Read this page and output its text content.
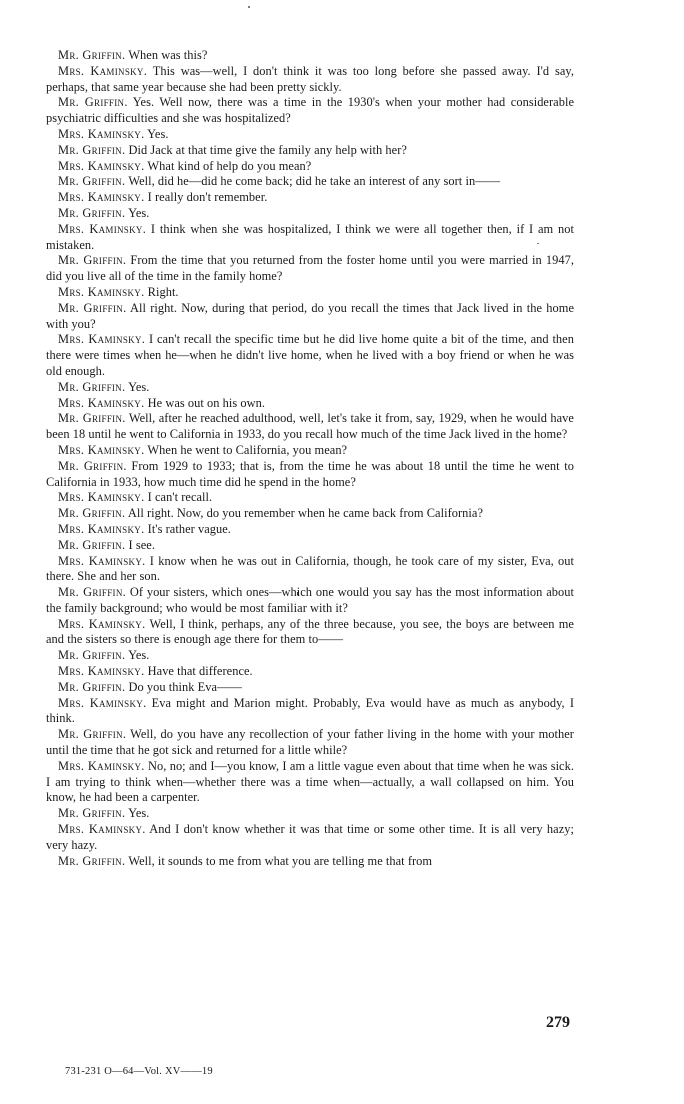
Mr. Griffin. When was this?

Mrs. Kaminsky. This was—well, I don't think it was too long before she passed away. I'd say, perhaps, that same year because she had been pretty sickly.

Mr. Griffin. Yes. Well now, there was a time in the 1930's when your mother had considerable psychiatric difficulties and she was hospitalized?

Mrs. Kaminsky. Yes.

Mr. Griffin. Did Jack at that time give the family any help with her?

Mrs. Kaminsky. What kind of help do you mean?

Mr. Griffin. Well, did he—did he come back; did he take an interest of any sort in——

Mrs. Kaminsky. I really don't remember.

Mr. Griffin. Yes.

Mrs. Kaminsky. I think when she was hospitalized, I think we were all together then, if I am not mistaken.

Mr. Griffin. From the time that you returned from the foster home until you were married in 1947, did you live all of the time in the family home?

Mrs. Kaminsky. Right.

Mr. Griffin. All right. Now, during that period, do you recall the times that Jack lived in the home with you?

Mrs. Kaminsky. I can't recall the specific time but he did live home quite a bit of the time, and then there were times when he—when he didn't live home, when he lived with a boy friend or when he was old enough.

Mr. Griffin. Yes.

Mrs. Kaminsky. He was out on his own.

Mr. Griffin. Well, after he reached adulthood, well, let's take it from, say, 1929, when he would have been 18 until he went to California in 1933, do you recall how much of the time Jack lived in the home?

Mrs. Kaminsky. When he went to California, you mean?

Mr. Griffin. From 1929 to 1933; that is, from the time he was about 18 until the time he went to California in 1933, how much time did he spend in the home?

Mrs. Kaminsky. I can't recall.

Mr. Griffin. All right. Now, do you remember when he came back from California?

Mrs. Kaminsky. It's rather vague.

Mr. Griffin. I see.

Mrs. Kaminsky. I know when he was out in California, though, he took care of my sister, Eva, out there. She and her son.

Mr. Griffin. Of your sisters, which ones—which one would you say has the most information about the family background; who would be most familiar with it?

Mrs. Kaminsky. Well, I think, perhaps, any of the three because, you see, the boys are between me and the sisters so there is enough age there for them to——

Mr. Griffin. Yes.

Mrs. Kaminsky. Have that difference.

Mr. Griffin. Do you think Eva——

Mrs. Kaminsky. Eva might and Marion might. Probably, Eva would have as much as anybody, I think.

Mr. Griffin. Well, do you have any recollection of your father living in the home with your mother until the time that he got sick and returned for a little while?

Mrs. Kaminsky. No, no; and I—you know, I am a little vague even about that time when he was sick. I am trying to think when—whether there was a time when—actually, a wall collapsed on him. You know, he had been a carpenter.

Mr. Griffin. Yes.

Mrs. Kaminsky. And I don't know whether it was that time or some other time. It is all very hazy; very hazy.

Mr. Griffin. Well, it sounds to me from what you are telling me that from

279
731-231 O—64—Vol. XV——19
